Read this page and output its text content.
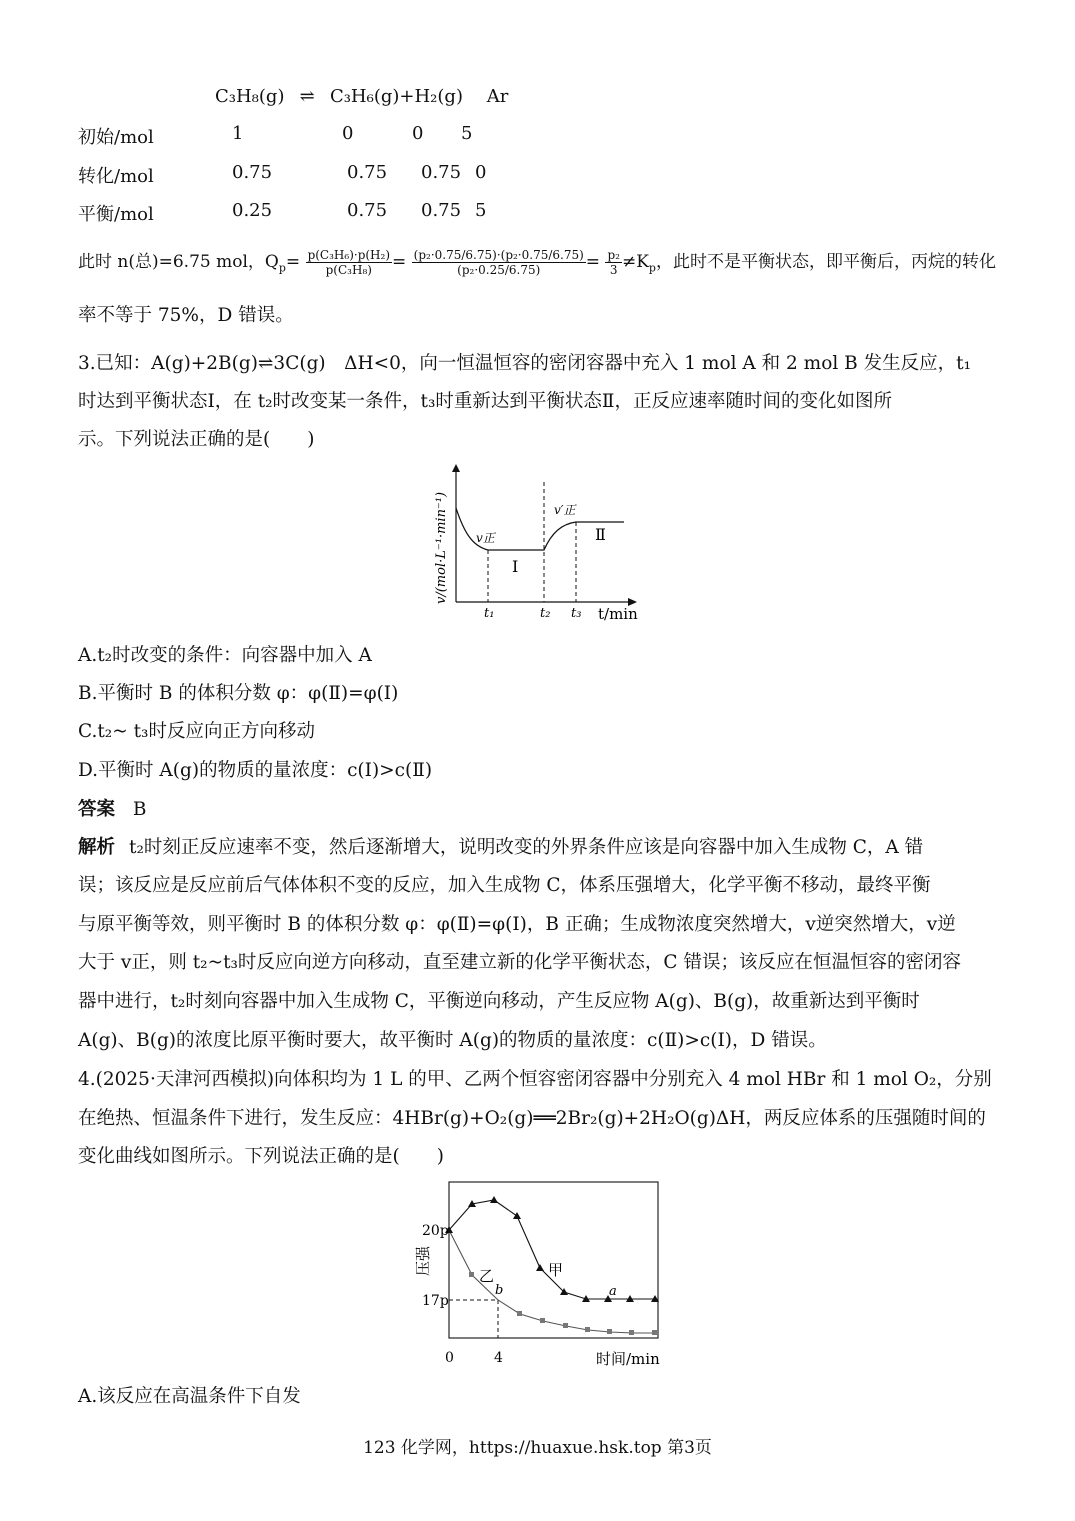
C₃H₈(g) ⇌ C₃H₆(g)+H₂(g) Ar
初始/mol	1	0	0 5
转化/mol	0.75	0.75 0.75 0
平衡/mol	0.25	0.75 0.75 5
此时 n(总)=6.75 mol，$Q_p= \frac{\text{p(C₃H₆)·p(H₂)}}{\text{p(C₃H₈)}} = \frac{\text{(p₂·0.75/6.75)·(p₂·0.75/6.75)}}{\text{(p₂·0.25/6.75)}} = \frac{\text{p₂}}{3} \ne K_p$，此时不是平衡状态，即平衡后，丙烷的转化
率不等于 75%，D 错误。
3.已知：A(g)+2B(g)⇌3C(g)　ΔH<0，向一恒温恒容的密闭容器中充入 1 mol A 和 2 mol B 发生反应，t₁
时达到平衡状态Ⅰ，在 t₂时改变某一条件，t₃时重新达到平衡状态Ⅱ，正反应速率随时间的变化如图所
示。下列说法正确的是(　　)
v/(mol·L⁻¹·min⁻¹)
t₁	t₂ t₃ t/min
v正
v′正
Ⅰ
Ⅱ
A.t₂时改变的条件：向容器中加入 A
B.平衡时 B 的体积分数 φ：φ(Ⅱ)=φ(Ⅰ)
C.t₂~ t₃时反应向正方向移动
D.平衡时 A(g)的物质的量浓度：c(Ⅰ)>c(Ⅱ)
答案 B
解析 t₂时刻正反应速率不变，然后逐渐增大，说明改变的外界条件应该是向容器中加入生成物 C，A 错
误；该反应是反应前后气体体积不变的反应，加入生成物 C，体系压强增大，化学平衡不移动，最终平衡
与原平衡等效，则平衡时 B 的体积分数 φ：φ(Ⅱ)=φ(Ⅰ)，B 正确；生成物浓度突然增大，v逆突然增大，v逆
大于 v正，则 t₂~t₃时反应向逆方向移动，直至建立新的化学平衡状态，C 错误；该反应在恒温恒容的密闭容
器中进行，t₂时刻向容器中加入生成物 C，平衡逆向移动，产生反应物 A(g)、B(g)，故重新达到平衡时
A(g)、B(g)的浓度比原平衡时要大，故平衡时 A(g)的物质的量浓度：c(Ⅱ)>c(Ⅰ)，D 错误。
4.(2025·天津河西模拟)向体积均为 1 L 的甲、乙两个恒容密闭容器中分别充入 4 mol HBr 和 1 mol O₂，分别
在绝热、恒温条件下进行，发生反应：4HBr(g)+O₂(g)══2Br₂(g)+2H₂O(g)ΔH，两反应体系的压强随时间的
变化曲线如图所示。下列说法正确的是(　　)
20p
17p
压强
0	4	时间/min
甲
乙
a
b
A.该反应在高温条件下自发
123 化学网，https://huaxue.hsk.top 第3页
